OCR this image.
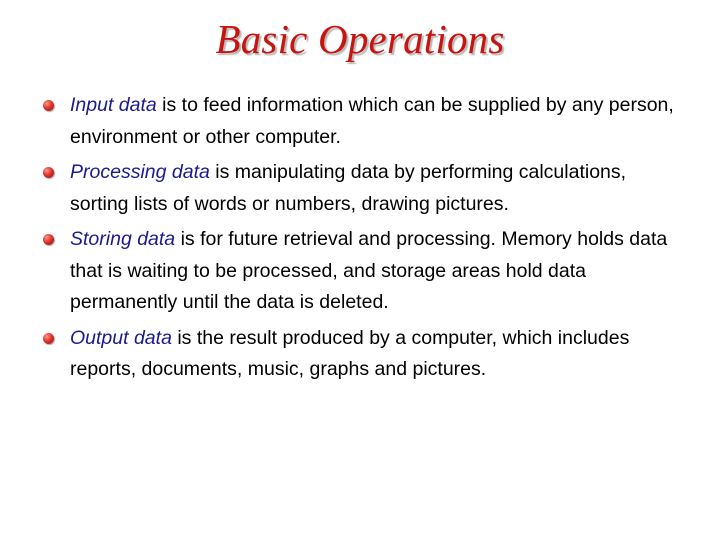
Basic Operations
Input data is to feed information which can be supplied by any person, environment or other computer.
Processing data is manipulating data by performing calculations, sorting lists of words or numbers, drawing pictures.
Storing data is for future retrieval and processing. Memory holds data that is waiting to be processed, and storage areas hold data permanently until the data is deleted.
Output data is the result produced by a computer, which includes reports, documents, music, graphs and pictures.
